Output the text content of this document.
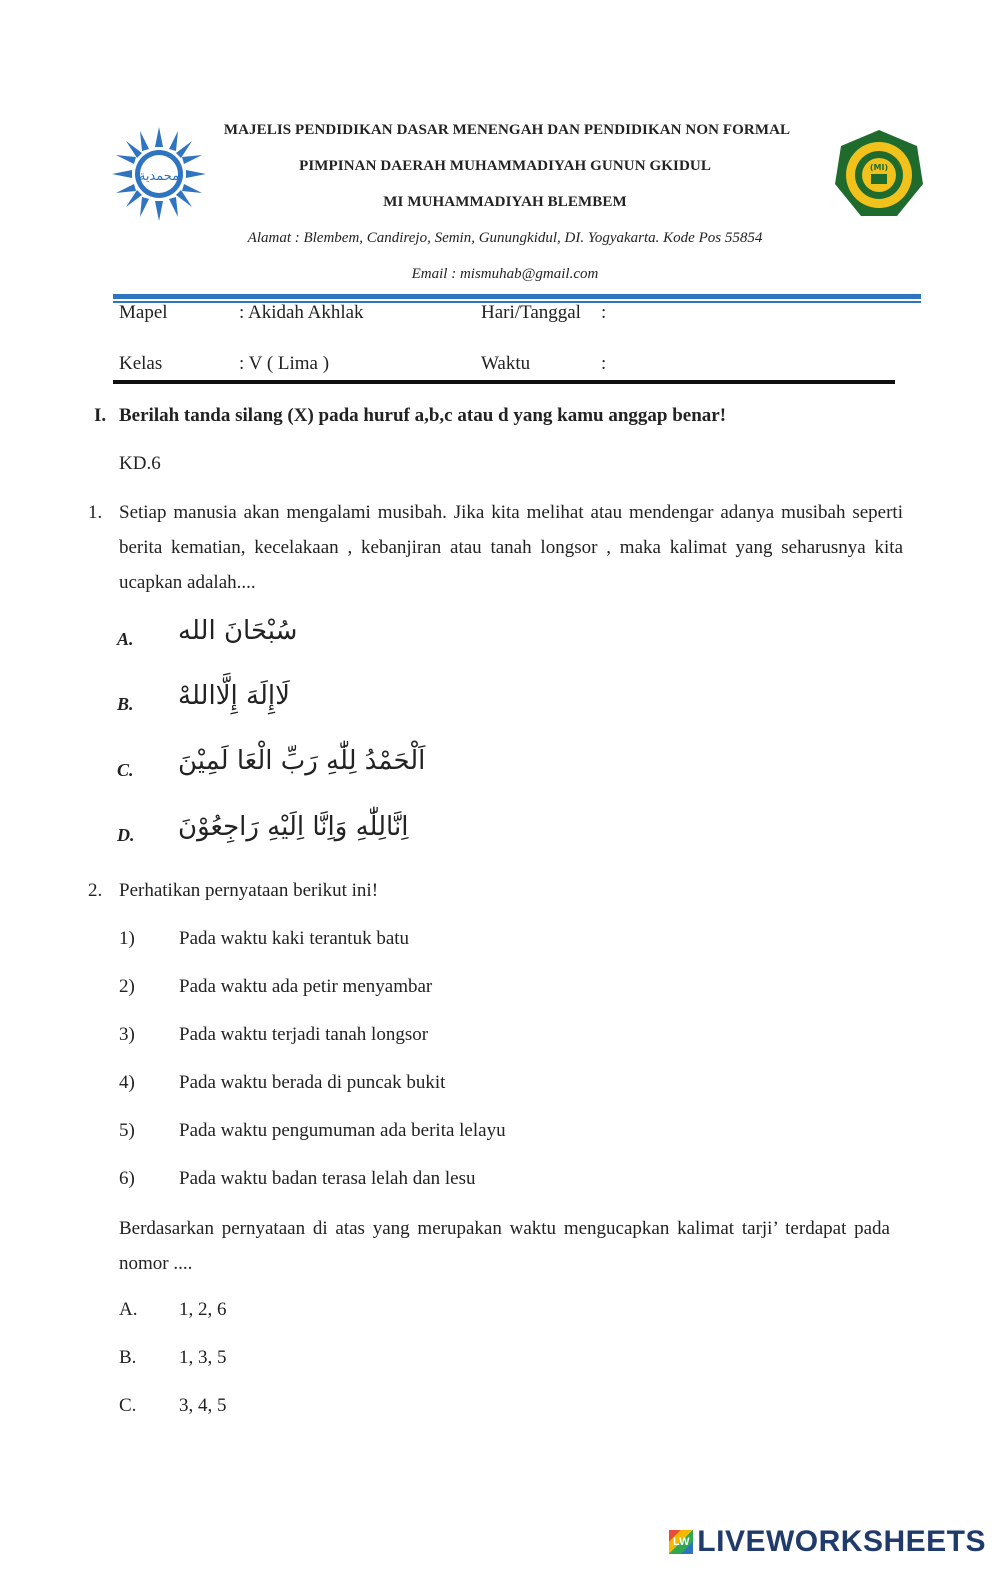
محمدية
(MI)
MAJELIS PENDIDIKAN DASAR MENENGAH DAN PENDIDIKAN NON FORMAL
PIMPINAN DAERAH MUHAMMADIYAH GUNUN GKIDUL
MI MUHAMMADIYAH BLEMBEM
Alamat : Blembem, Candirejo, Semin, Gunungkidul, DI. Yogyakarta. Kode Pos 55854
Email : mismuhab@gmail.com
Mapel	: Akidah Akhlak	Hari/Tanggal :
Kelas	: V ( Lima )	Waktu	:
I. Berilah tanda silang (X) pada huruf a,b,c atau d yang kamu anggap benar!
KD.6
1. Setiap manusia akan mengalami musibah. Jika kita melihat atau mendengar adanya musibah seperti berita kematian, kecelakaan , kebanjiran atau tanah longsor , maka kalimat yang seharusnya kita ucapkan adalah....
A. سُبْحَانَ الله
B. لَاإِلَهَ إِلَّااللهْ
C. اَلْحَمْدُ لِلّٰهِ رَبِّ الْعَا لَمِيْنَ
D. اِنَّالِلّٰهِ وَاِنَّا اِلَيْهِ رَاجِعُوْنَ
2. Perhatikan pernyataan berikut ini!
1) Pada waktu kaki terantuk batu
2) Pada waktu ada petir menyambar
3) Pada waktu terjadi tanah longsor
4) Pada waktu berada di puncak bukit
5) Pada waktu pengumuman ada berita lelayu
6) Pada waktu badan terasa lelah dan lesu
Berdasarkan pernyataan di atas yang merupakan waktu mengucapkan kalimat tarji’ terdapat pada nomor ....
A. 1, 2, 6
B. 1, 3, 5
C. 3, 4, 5
LW LIVEWORKSHEETS
